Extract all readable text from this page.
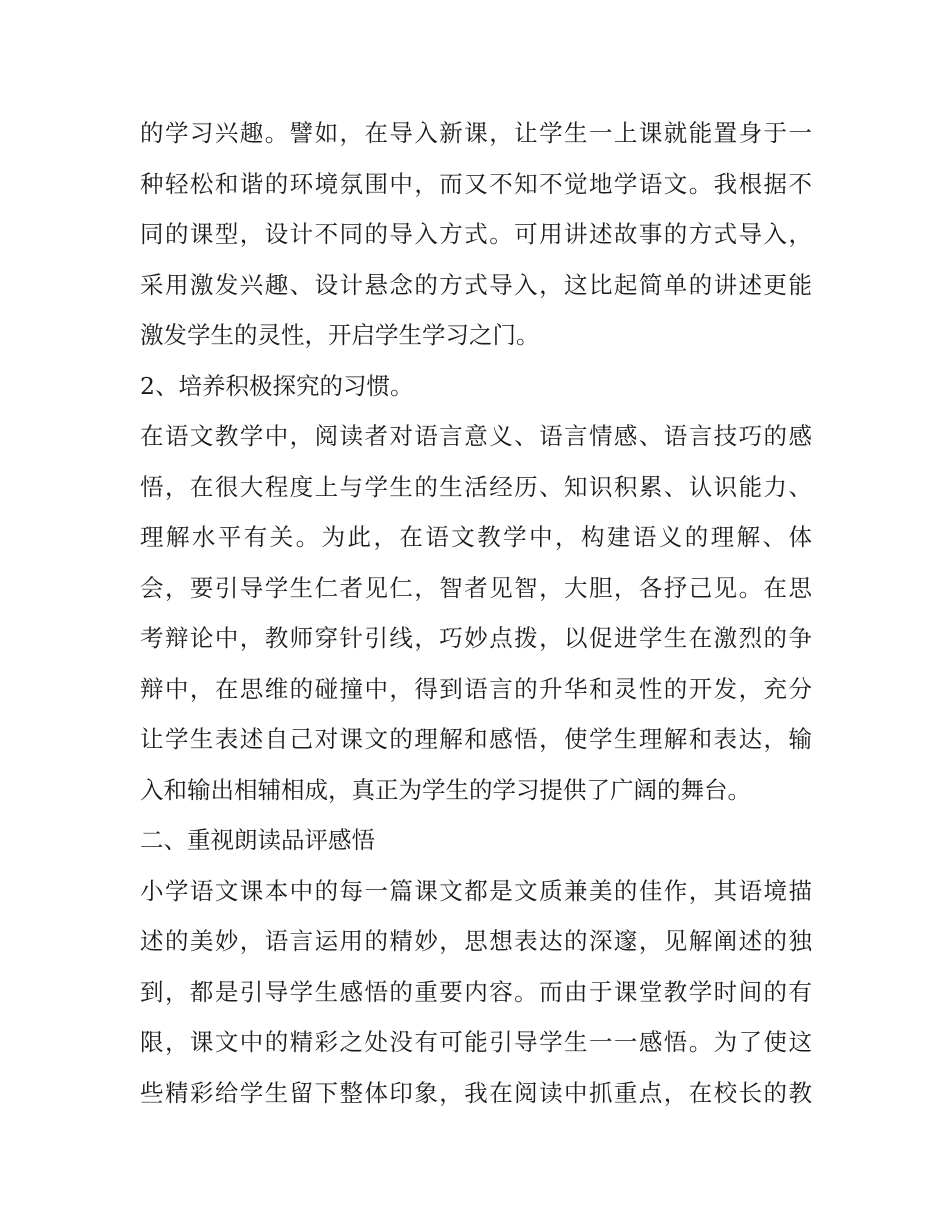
的学习兴趣。譬如，在导入新课，让学生一上课就能置身于一
种轻松和谐的环境氛围中，而又不知不觉地学语文。我根据不
同的课型，设计不同的导入方式。可用讲述故事的方式导入，
采用激发兴趣、设计悬念的方式导入，这比起简单的讲述更能
激发学生的灵性，开启学生学习之门。
2、培养积极探究的习惯。
在语文教学中，阅读者对语言意义、语言情感、语言技巧的感
悟，在很大程度上与学生的生活经历、知识积累、认识能力、
理解水平有关。为此，在语文教学中，构建语义的理解、体
会，要引导学生仁者见仁，智者见智，大胆，各抒己见。在思
考辩论中，教师穿针引线，巧妙点拨，以促进学生在激烈的争
辩中，在思维的碰撞中，得到语言的升华和灵性的开发，充分
让学生表述自己对课文的理解和感悟，使学生理解和表达，输
入和输出相辅相成，真正为学生的学习提供了广阔的舞台。
二、重视朗读品评感悟
小学语文课本中的每一篇课文都是文质兼美的佳作，其语境描
述的美妙，语言运用的精妙，思想表达的深邃，见解阐述的独
到，都是引导学生感悟的重要内容。而由于课堂教学时间的有
限，课文中的精彩之处没有可能引导学生一一感悟。为了使这
些精彩给学生留下整体印象，我在阅读中抓重点，在校长的教
